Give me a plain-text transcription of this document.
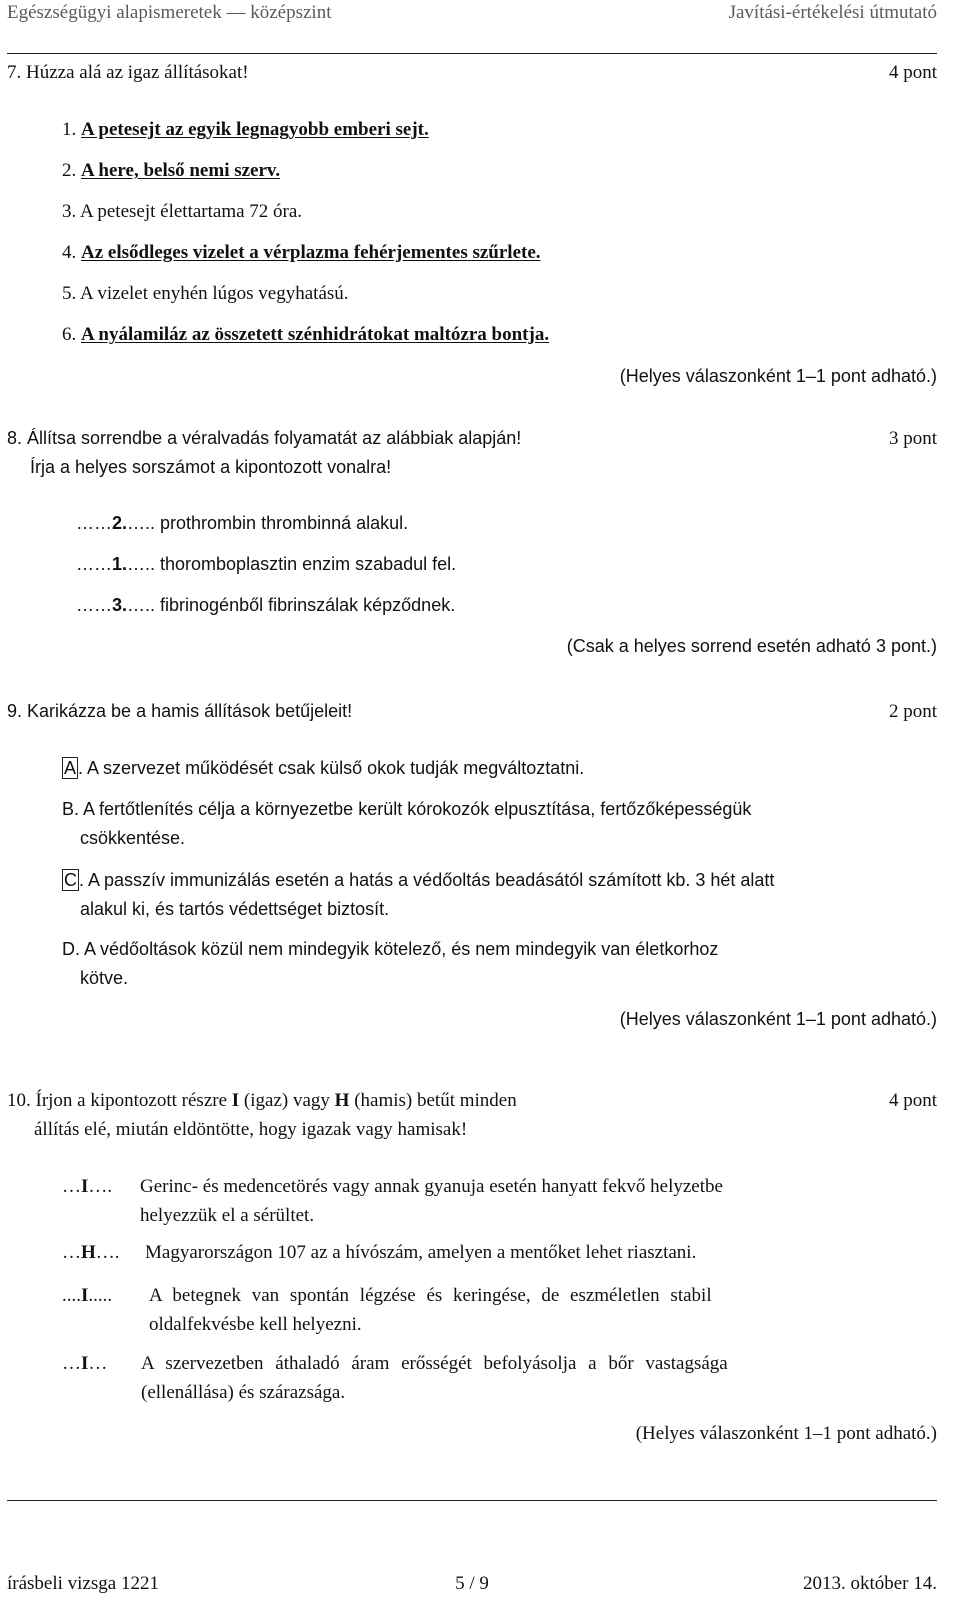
Egészségügyi alapismeretek — középszint	Javítási-értékelési útmutató
7. Húzza alá az igaz állításokat!	4 pont
1. A petesejt az egyik legnagyobb emberi sejt.
2. A here, belső nemi szerv.
3. A petesejt élettartama 72 óra.
4. Az elsődleges vizelet a vérplazma fehérjementes szűrlete.
5. A vizelet enyhén lúgos vegyhatású.
6. A nyálamiláz az összetett szénhidrátokat maltózra bontja.
(Helyes válaszonként 1–1 pont adható.)
8. Állítsa sorrendbe a véralvadás folyamatát az alábbiak alapján!	3 pont
Írja a helyes sorszámot a kipontozott vonalra!
……2.….. prothrombin thrombinná alakul.
……1.….. thoromboplasztin enzim szabadul fel.
……3.….. fibrinogénből fibrinszálak képződnek.
(Csak a helyes sorrend esetén adható 3 pont.)
9. Karikázza be a hamis állítások betűjeleit!	2 pont
A . A szervezet működését csak külső okok tudják megváltoztatni.
B. A fertőtlenítés célja a környezetbe került kórokozók elpusztítása, fertőzőképességük
csökkentése.
C . A passzív immunizálás esetén a hatás a védőoltás beadásától számított kb. 3 hét alatt
alakul ki, és tartós védettséget biztosít.
D. A védőoltások közül nem mindegyik kötelező, és nem mindegyik van életkorhoz
kötve.
(Helyes válaszonként 1–1 pont adható.)
10. Írjon a kipontozott részre I (igaz) vagy H (hamis) betűt minden	4 pont
állítás elé, miután eldöntötte, hogy igazak vagy hamisak!
…I…. Gerinc- és medencetörés vagy annak gyanuja esetén hanyatt fekvő helyzetbe
helyezzük el a sérültet.
…H…. Magyarországon 107 az a hívószám, amelyen a mentőket lehet riasztani.
....I..... A betegnek van spontán légzése és keringése, de eszméletlen stabil
oldalfekvésbe kell helyezni.
…I… A szervezetben áthaladó áram erősségét befolyásolja a bőr vastagsága
(ellenállása) és szárazsága.
(Helyes válaszonként 1–1 pont adható.)
írásbeli vizsga 1221	5 / 9	2013. október 14.
